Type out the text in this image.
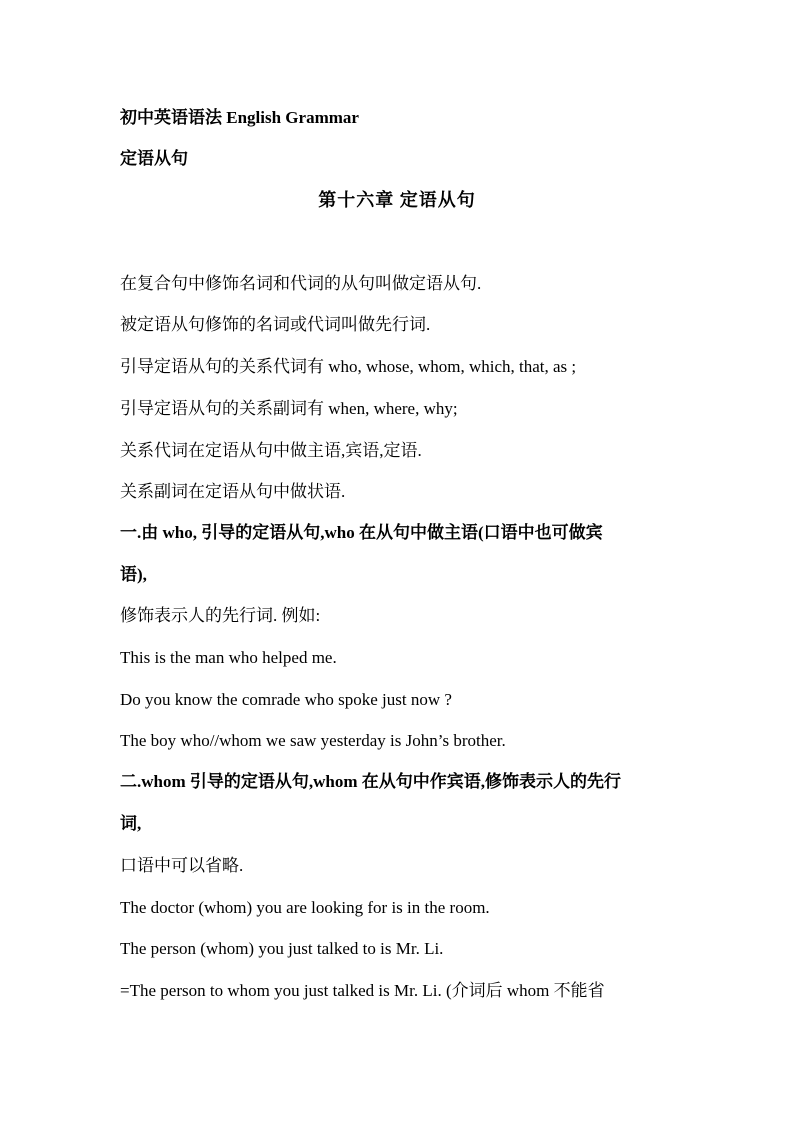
初中英语语法 English Grammar
定语从句
第十六章 定语从句
在复合句中修饰名词和代词的从句叫做定语从句.
被定语从句修饰的名词或代词叫做先行词.
引导定语从句的关系代词有 who, whose, whom, which, that, as ;
引导定语从句的关系副词有 when, where, why;
关系代词在定语从句中做主语,宾语,定语.
关系副词在定语从句中做状语.
一.由 who, 引导的定语从句,who 在从句中做主语(口语中也可做宾
语),
修饰表示人的先行词. 例如:
This is the man who helped me.
Do you know the comrade who spoke just now ?
The boy who//whom we saw yesterday is John’s brother.
二.whom 引导的定语从句,whom 在从句中作宾语,修饰表示人的先行
词,
口语中可以省略.
The doctor (whom) you are looking for is in the room.
The person (whom) you just talked to is Mr. Li.
=The person to whom you just talked is Mr. Li. (介词后 whom 不能省
